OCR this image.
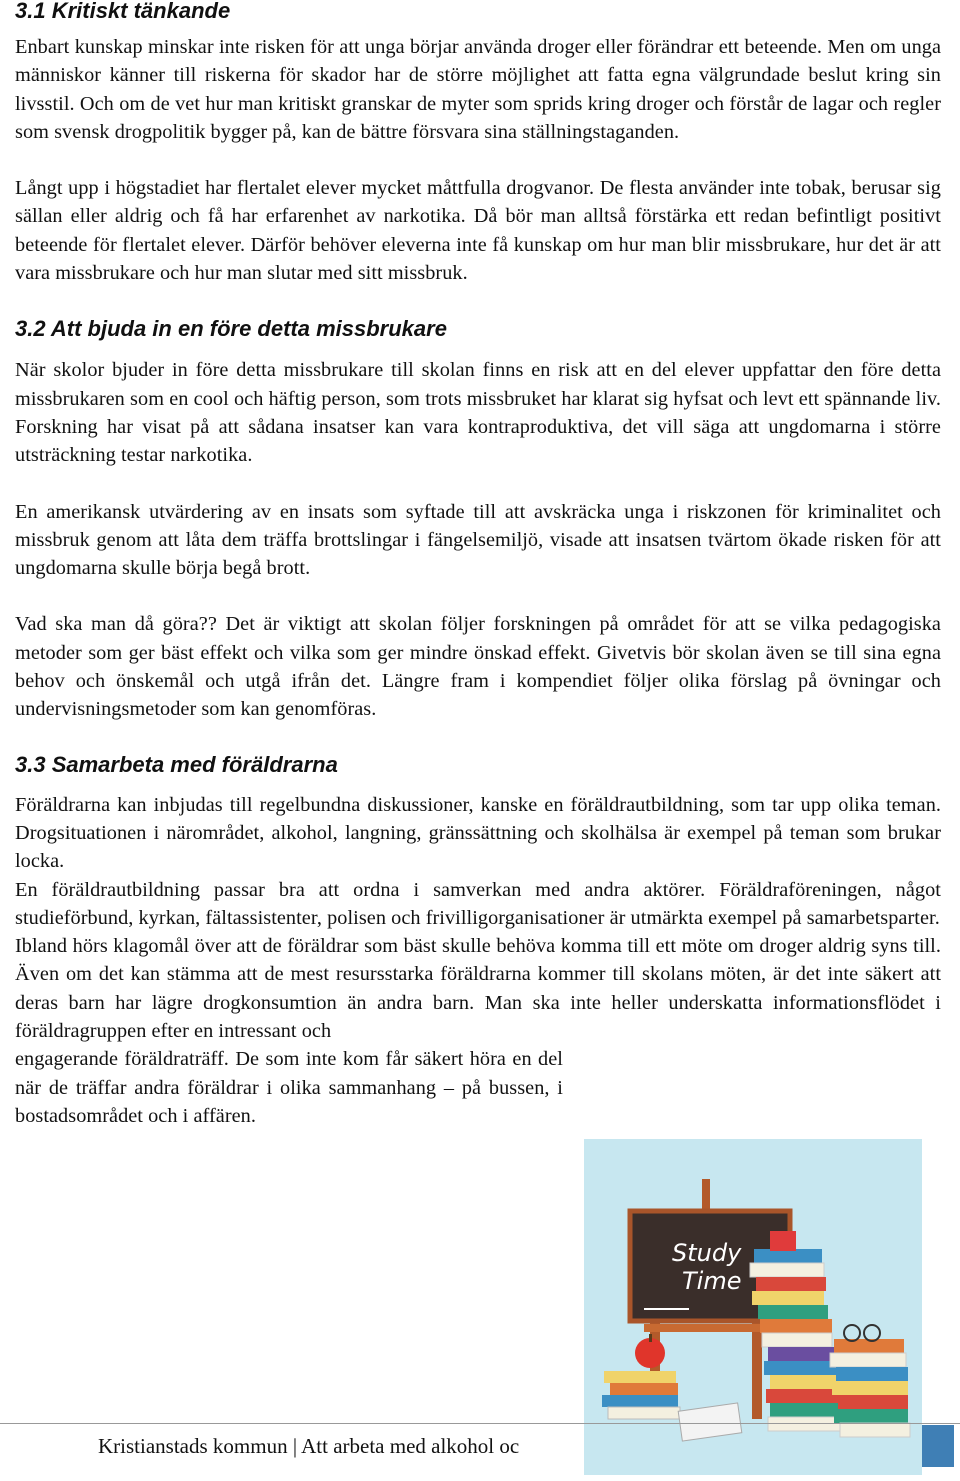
3.1 Kritiskt tänkande

Enbart kunskap minskar inte risken för att unga börjar använda droger eller förändrar ett beteende. Men om unga människor känner till riskerna för skador har de större möjlighet att fatta egna välgrundade beslut kring sin livsstil. Och om de vet hur man kritiskt granskar de myter som sprids kring droger och förstår de lagar och regler som svensk drogpolitik bygger på, kan de bättre försvara sina ställningstaganden.

Långt upp i högstadiet har flertalet elever mycket måttfulla drogvanor. De flesta använder inte tobak, berusar sig sällan eller aldrig och få har erfarenhet av narkotika. Då bör man alltså förstärka ett redan befintligt positivt beteende för flertalet elever. Därför behöver eleverna inte få kunskap om hur man blir missbrukare, hur det är att vara missbrukare och hur man slutar med sitt missbruk.

3.2 Att bjuda in en före detta missbrukare

När skolor bjuder in före detta missbrukare till skolan finns en risk att en del elever uppfattar den före detta missbrukaren som en cool och häftig person, som trots missbruket har klarat sig hyfsat och levt ett spännande liv. Forskning har visat på att sådana insatser kan vara kontraproduktiva, det vill säga att ungdomarna i större utsträckning testar narkotika.

En amerikansk utvärdering av en insats som syftade till att avskräcka unga i riskzonen för kriminalitet och missbruk genom att låta dem träffa brottslingar i fängelsemiljö, visade att insatsen tvärtom ökade risken för att ungdomarna skulle börja begå brott.

Vad ska man då göra?? Det är viktigt att skolan följer forskningen på området för att se vilka pedagogiska metoder som ger bäst effekt och vilka som ger mindre önskad effekt. Givetvis bör skolan även se till sina egna behov och önskemål och utgå ifrån det. Längre fram i kompendiet följer olika förslag på övningar och undervisningsmetoder som kan genomföras.

3.3 Samarbeta med föräldrarna

Föräldrarna kan inbjudas till regelbundna diskussioner, kanske en föräldrautbildning, som tar upp olika teman. Drogsituationen i närområdet, alkohol, langning, gränssättning och skolhälsa är exempel på teman som brukar locka.

En föräldrautbildning passar bra att ordna i samverkan med andra aktörer. Föräldraföreningen, något studieförbund, kyrkan, fältassistenter, polisen och frivilligorganisationer är utmärkta exempel på samarbetsparter.

Ibland hörs klagomål över att de föräldrar som bäst skulle behöva komma till ett möte om droger aldrig syns till. Även om det kan stämma att de mest resursstarka föräldrarna kommer till skolans möten, är det inte säkert att deras barn har lägre drogkonsumtion än andra barn. Man ska inte heller underskatta informationsflödet i föräldragruppen efter en intressant och

engagerande föräldraträff. De som inte kom får säkert höra en del när de träffar andra föräldrar i olika sammanhang – på bussen, i bostadsområdet och i affären.

Study
Time
Kristianstads kommun | Att arbeta med alkohol oc
